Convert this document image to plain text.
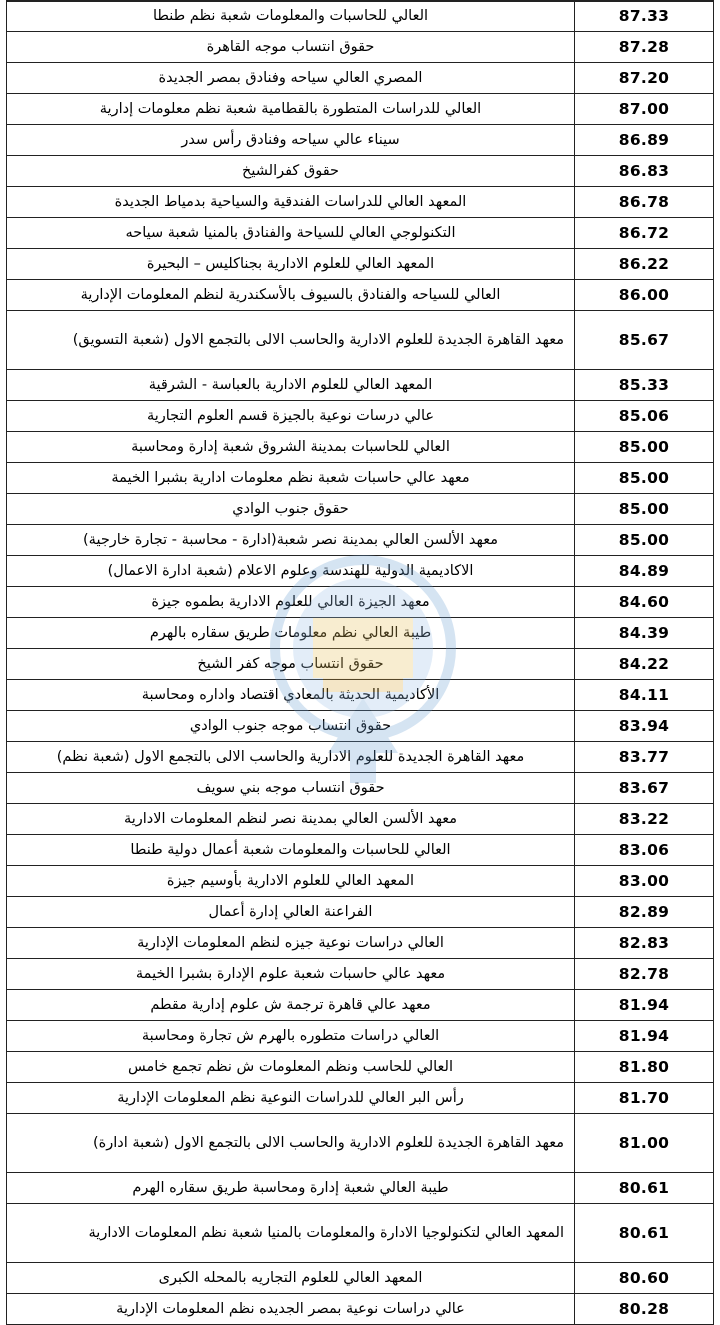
العالي للحاسبات والمعلومات شعبة نظم طنطا	87.33
حقوق انتساب موجه القاهرة	87.28
المصري العالي سياحه وفنادق بمصر الجديدة	87.20
العالي للدراسات المتطورة بالقطامية شعبة نظم معلومات إدارية	87.00
سيناء عالي سياحه وفنادق رأس سدر	86.89
حقوق كفرالشيخ	86.83
المعهد العالي للدراسات الفندقية والسياحية بدمياط الجديدة	86.78
التكنولوجي العالي للسياحة والفنادق بالمنيا شعبة سياحه	86.72
المعهد العالي للعلوم الادارية بجناكليس – البحيرة	86.22
العالي للسياحه والفنادق بالسيوف بالأسكندرية لنظم المعلومات الإدارية	86.00
معهد القاهرة الجديدة للعلوم الادارية والحاسب الالى بالتجمع الاول (شعبة التسويق)	85.67
المعهد العالي للعلوم الادارية بالعباسة - الشرقية	85.33
عالي درسات نوعية بالجيزة قسم العلوم التجارية	85.06
العالي للحاسبات بمدينة الشروق شعبة إدارة ومحاسبة	85.00
معهد عالي حاسبات شعبة نظم معلومات ادارية بشبرا الخيمة	85.00
حقوق جنوب الوادي	85.00
معهد الألسن العالي بمدينة نصر شعبة(ادارة - محاسبة - تجارة خارجية)	85.00
الاكاديمية الدولية للهندسة وعلوم الاعلام (شعبة ادارة الاعمال)	84.89
معهد الجيزة العالي للعلوم الادارية بطموه جيزة	84.60
طيبة العالي نظم معلومات طريق سقاره بالهرم	84.39
حقوق انتساب موجه كفر الشيخ	84.22
الأكاديمية الحديثة بالمعادي اقتصاد واداره ومحاسبة	84.11
حقوق انتساب موجه جنوب الوادي	83.94
معهد القاهرة الجديدة للعلوم الادارية والحاسب الالى بالتجمع الاول (شعبة نظم)	83.77
حقوق انتساب موجه بني سويف	83.67
معهد الألسن العالي بمدينة نصر لنظم المعلومات الادارية	83.22
العالي للحاسبات والمعلومات شعبة أعمال دولية طنطا	83.06
المعهد العالي للعلوم الادارية بأوسيم جيزة	83.00
الفراعنة العالي إدارة أعمال	82.89
العالي دراسات نوعية جيزه لنظم المعلومات الإدارية	82.83
معهد عالي حاسبات شعبة علوم الإدارة بشبرا الخيمة	82.78
معهد عالي قاهرة ترجمة ش علوم إدارية مقطم	81.94
العالي دراسات متطوره بالهرم ش تجارة ومحاسبة	81.94
العالي للحاسب ونظم المعلومات ش نظم تجمع خامس	81.80
رأس البر العالي للدراسات النوعية نظم المعلومات الإدارية	81.70
معهد القاهرة الجديدة للعلوم الادارية والحاسب الالى بالتجمع الاول (شعبة ادارة)	81.00
طيبة العالي شعبة إدارة ومحاسبة طريق سقاره الهرم	80.61
المعهد العالي لتكنولوجيا الادارة والمعلومات بالمنيا شعبة نظم المعلومات الادارية	80.61
المعهد العالي للعلوم التجاريه بالمحله الكبرى	80.60
عالي دراسات نوعية بمصر الجديده نظم المعلومات الإدارية	80.28
